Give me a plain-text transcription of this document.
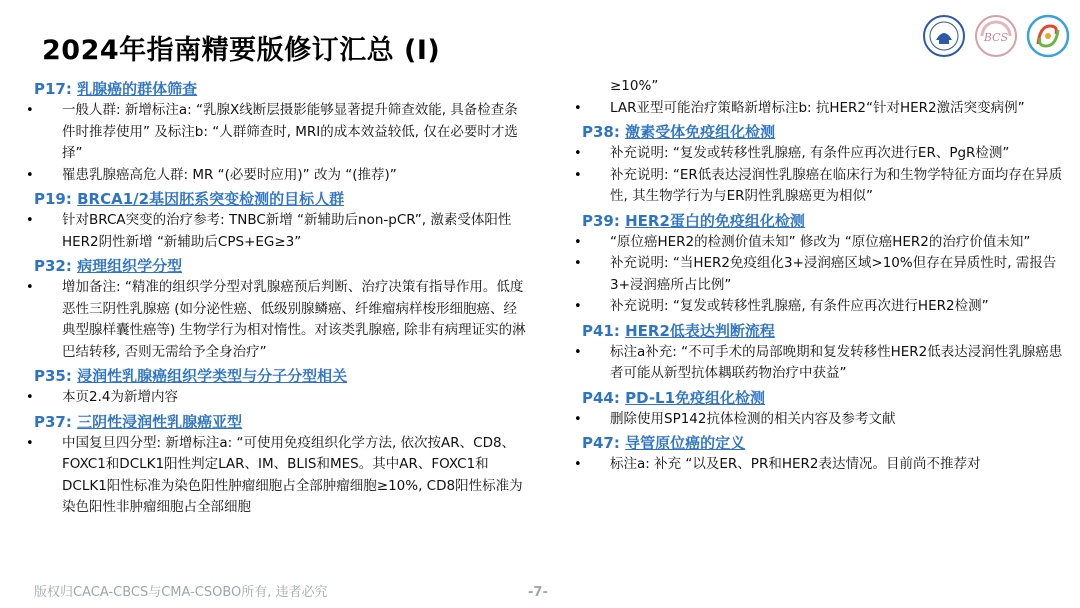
2024年指南精要版修订汇总 (I)	BCS
P17: 乳腺癌的群体筛查
• 一般人群: 新增标注a: “乳腺X线断层摄影能够显著提升筛查效能, 具备检查条件时推荐使用” 及标注b: “人群筛查时, MRI的成本效益较低, 仅在必要时才选择”
• 罹患乳腺癌高危人群: MR “(必要时应用)” 改为 “(推荐)”
P19: BRCA1/2基因胚系突变检测的目标人群
• 针对BRCA突变的治疗参考: TNBC新增 “新辅助后non-pCR”, 激素受体阳性HER2阴性新增 “新辅助后CPS+EG≥3”
P32: 病理组织学分型
• 增加备注: “精准的组织学分型对乳腺癌预后判断、治疗决策有指导作用。低度恶性三阴性乳腺癌 (如分泌性癌、低级别腺鳞癌、纤维瘤病样梭形细胞癌、经典型腺样囊性癌等) 生物学行为相对惰性。对该类乳腺癌, 除非有病理证实的淋巴结转移, 否则无需给予全身治疗”
P35: 浸润性乳腺癌组织学类型与分子分型相关
• 本页2.4为新增内容
P37: 三阴性浸润性乳腺癌亚型
• 中国复旦四分型: 新增标注a: “可使用免疫组织化学方法, 依次按AR、CD8、FOXC1和DCLK1阳性判定LAR、IM、BLIS和MES。其中AR、FOXC1和DCLK1阳性标准为染色阳性肿瘤细胞占全部肿瘤细胞≥10%, CD8阳性标准为染色阳性非肿瘤细胞占全部细胞
≥10%”
• LAR亚型可能治疗策略新增标注b: 抗HER2“针对HER2激活突变病例”
P38: 激素受体免疫组化检测
• 补充说明: “复发或转移性乳腺癌, 有条件应再次进行ER、PgR检测”
• 补充说明: “ER低表达浸润性乳腺癌在临床行为和生物学特征方面均存在异质性, 其生物学行为与ER阴性乳腺癌更为相似”
P39: HER2蛋白的免疫组化检测
• “原位癌HER2的检测价值未知” 修改为 “原位癌HER2的治疗价值未知”
• 补充说明: “当HER2免疫组化3+浸润癌区域>10%但存在异质性时, 需报告3+浸润癌所占比例”
• 补充说明: “复发或转移性乳腺癌, 有条件应再次进行HER2检测”
P41: HER2低表达判断流程
• 标注a补充: “不可手术的局部晚期和复发转移性HER2低表达浸润性乳腺癌患者可能从新型抗体耦联药物治疗中获益”
P44: PD-L1免疫组化检测
• 删除使用SP142抗体检测的相关内容及参考文献
P47: 导管原位癌的定义
• 标注a: 补充 “以及ER、PR和HER2表达情况。目前尚不推荐对
版权归CACA-CBCS与CMA-CSOBO所有, 违者必究	-7-
